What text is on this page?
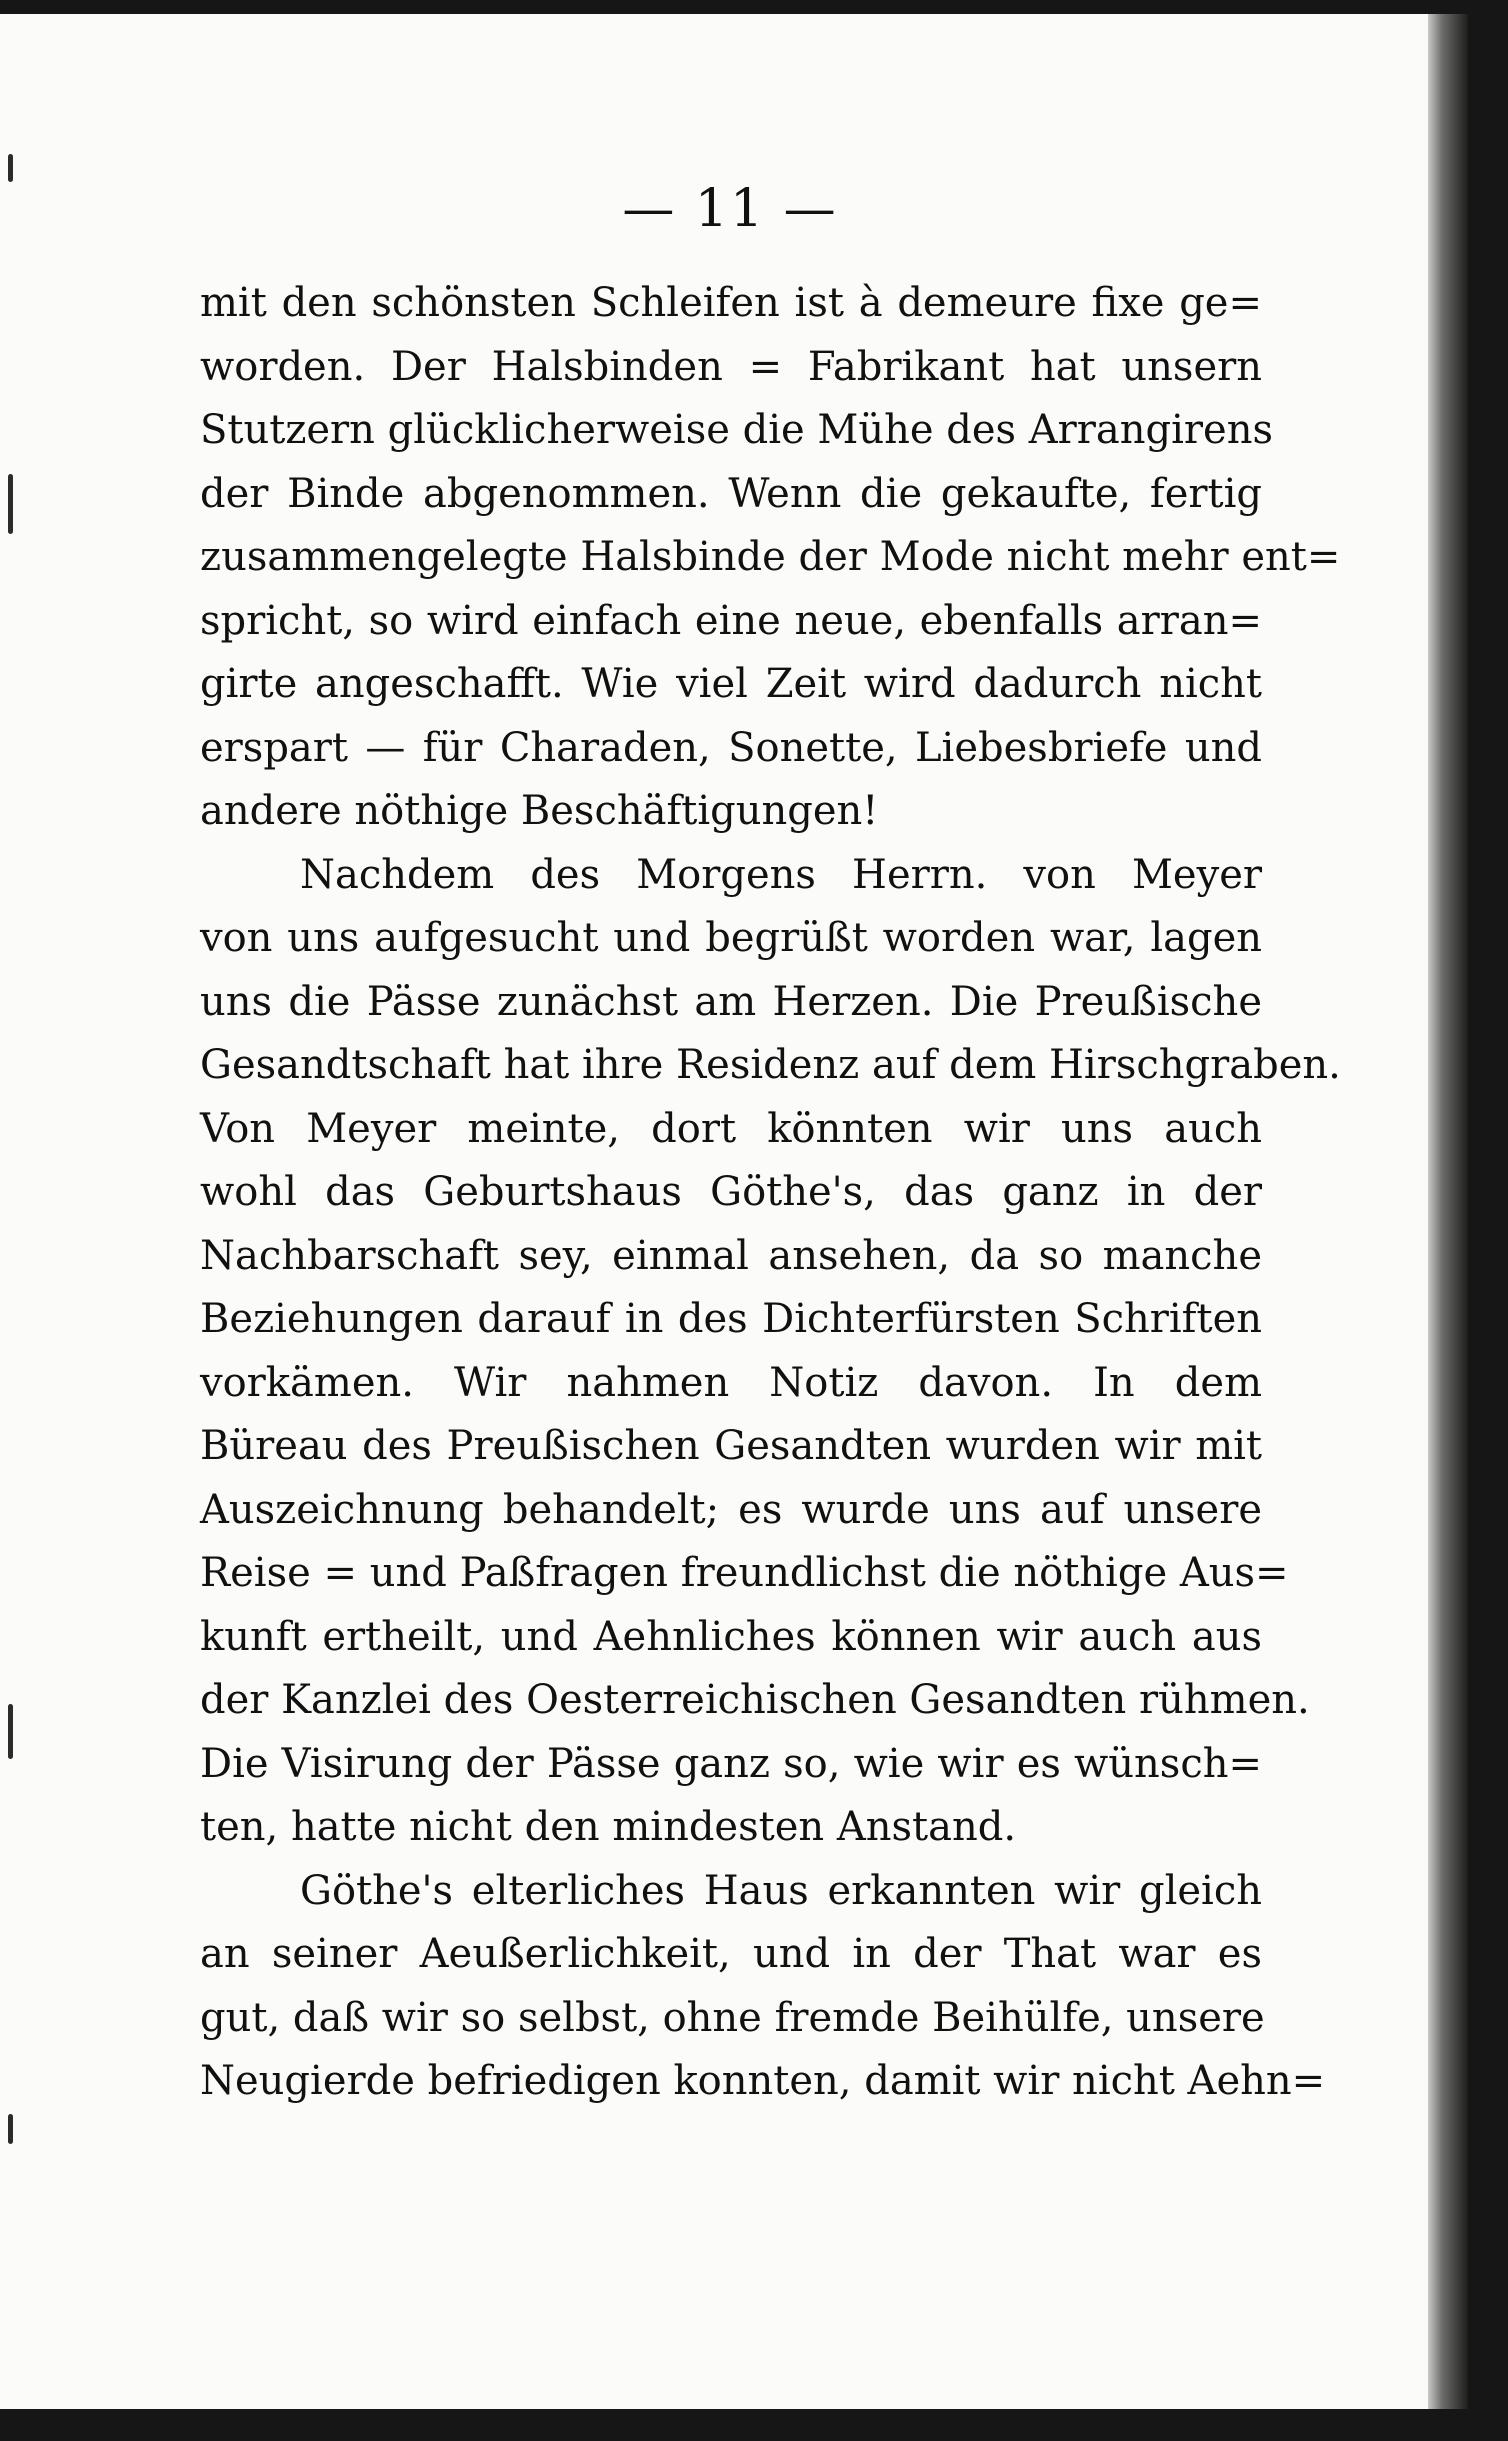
— 11 —
mit den schönsten Schleifen ist à demeure fixe ge=
worden. Der Halsbinden = Fabrikant hat unsern
Stutzern glücklicherweise die Mühe des Arrangirens
der Binde abgenommen. Wenn die gekaufte, fertig
zusammengelegte Halsbinde der Mode nicht mehr ent=
spricht, so wird einfach eine neue, ebenfalls arran=
girte angeschafft. Wie viel Zeit wird dadurch nicht
erspart — für Charaden, Sonette, Liebesbriefe und
andere nöthige Beschäftigungen!
Nachdem des Morgens Herrn. von Meyer
von uns aufgesucht und begrüßt worden war, lagen
uns die Pässe zunächst am Herzen. Die Preußische
Gesandtschaft hat ihre Residenz auf dem Hirschgraben.
Von Meyer meinte, dort könnten wir uns auch
wohl das Geburtshaus Göthe's, das ganz in der
Nachbarschaft sey, einmal ansehen, da so manche
Beziehungen darauf in des Dichterfürsten Schriften
vorkämen. Wir nahmen Notiz davon. In dem
Büreau des Preußischen Gesandten wurden wir mit
Auszeichnung behandelt; es wurde uns auf unsere
Reise = und Paßfragen freundlichst die nöthige Aus=
kunft ertheilt, und Aehnliches können wir auch aus
der Kanzlei des Oesterreichischen Gesandten rühmen.
Die Visirung der Pässe ganz so, wie wir es wünsch=
ten, hatte nicht den mindesten Anstand.
Göthe's elterliches Haus erkannten wir gleich
an seiner Aeußerlichkeit, und in der That war es
gut, daß wir so selbst, ohne fremde Beihülfe, unsere
Neugierde befriedigen konnten, damit wir nicht Aehn=
